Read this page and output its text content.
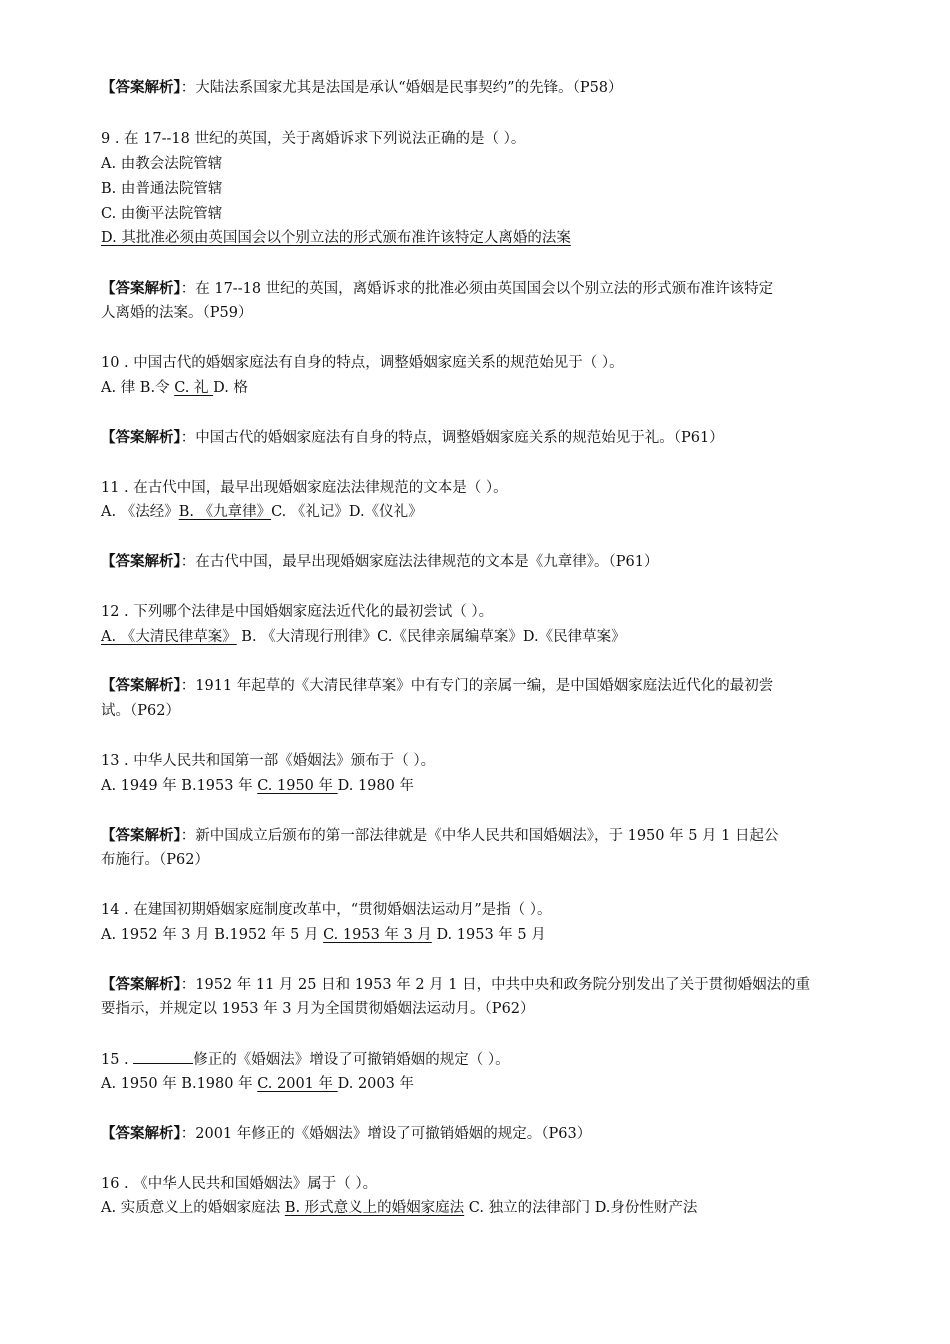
【答案解析】：大陆法系国家尤其是法国是承认“婚姻是民事契约”的先锋。（P58）
9 . 在 17--18 世纪的英国，关于离婚诉求下列说法正确的是（ ）。
A. 由教会法院管辖
B. 由普通法院管辖
C. 由衡平法院管辖
D. 其批准必须由英国国会以个别立法的形式颁布准许该特定人离婚的法案
【答案解析】：在 17--18 世纪的英国，离婚诉求的批准必须由英国国会以个别立法的形式颁布准许该特定
人离婚的法案。（P59）
10 . 中国古代的婚姻家庭法有自身的特点，调整婚姻家庭关系的规范始见于（ ）。
A. 律 B.令 C. 礼 D. 格
【答案解析】：中国古代的婚姻家庭法有自身的特点，调整婚姻家庭关系的规范始见于礼。（P61）
11 . 在古代中国，最早出现婚姻家庭法法律规范的文本是（ ）。
A. 《法经》B. 《九章律》C. 《礼记》D.《仪礼》
【答案解析】：在古代中国，最早出现婚姻家庭法法律规范的文本是《九章律》。（P61）
12 . 下列哪个法律是中国婚姻家庭法近代化的最初尝试（ ）。
A. 《大清民律草案》 B. 《大清现行刑律》C.《民律亲属编草案》D.《民律草案》
【答案解析】：1911 年起草的《大清民律草案》中有专门的亲属一编，是中国婚姻家庭法近代化的最初尝
试。（P62）
13 . 中华人民共和国第一部《婚姻法》颁布于（ ）。
A. 1949 年 B.1953 年 C. 1950 年 D. 1980 年
【答案解析】：新中国成立后颁布的第一部法律就是《中华人民共和国婚姻法》，于 1950 年 5 月 1 日起公
布施行。（P62）
14 . 在建国初期婚姻家庭制度改革中，“贯彻婚姻法运动月”是指（ ）。
A. 1952 年 3 月 B.1952 年 5 月 C. 1953 年 3 月 D. 1953 年 5 月
【答案解析】：1952 年 11 月 25 日和 1953 年 2 月 1 日，中共中央和政务院分别发出了关于贯彻婚姻法的重
要指示，并规定以 1953 年 3 月为全国贯彻婚姻法运动月。（P62）
15 .	修正的《婚姻法》增设了可撤销婚姻的规定（ ）。
A. 1950 年 B.1980 年 C. 2001 年 D. 2003 年
【答案解析】：2001 年修正的《婚姻法》增设了可撤销婚姻的规定。（P63）
16 . 《中华人民共和国婚姻法》属于（ ）。
A. 实质意义上的婚姻家庭法 B. 形式意义上的婚姻家庭法 C. 独立的法律部门 D.身份性财产法
